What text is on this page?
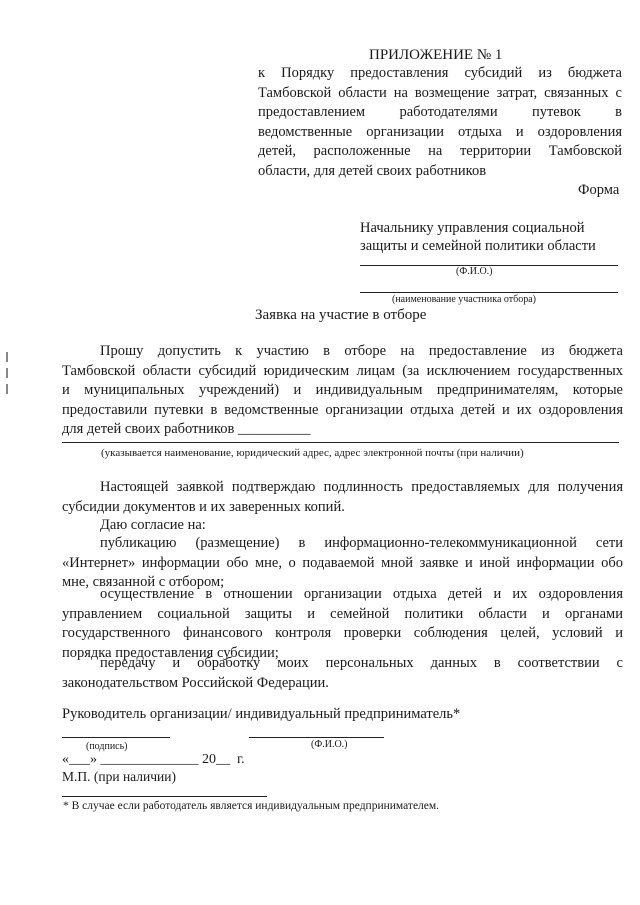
ПРИЛОЖЕНИЕ № 1
к Порядку предоставления субсидий из бюджета
Тамбовской области на возмещение затрат, связанных с
предоставлением работодателями путевок в
ведомственные организации отдыха и оздоровления
детей, расположенные на территории Тамбовской
области, для детей своих работников
Форма
Начальнику управления социальной
защиты и семейной политики области
(Ф.И.О.)
(наименование участника отбора)
Заявка на участие в отборе
Прошу допустить к участию в отборе на предоставление из бюджета
Тамбовской области субсидий юридическим лицам (за исключением государственных
и муниципальных учреждений) и индивидуальным предпринимателям, которые
предоставили путевки в ведомственные организации отдыха детей и их оздоровления
для детей своих работников __________
(указывается наименование, юридический адрес, адрес электронной почты (при наличии)
Настоящей заявкой подтверждаю подлинность предоставляемых для получения
субсидии документов и их заверенных копий.
Даю согласие на:
публикацию (размещение) в информационно-телекоммуникационной сети
«Интернет» информации обо мне, о подаваемой мной заявке и иной информации обо
мне, связанной с отбором;
осуществление в отношении организации отдыха детей и их оздоровления
управлением социальной защиты и семейной политики области и органами
государственного финансового контроля проверки соблюдения целей, условий и
порядка предоставления субсидии;
передачу и обработку моих персональных данных в соответствии с
законодательством Российской Федерации.
Руководитель организации/ индивидуальный предприниматель*
(подпись)	(Ф.И.О.)
«___» ______________ 20__  г.
М.П. (при наличии)
* В случае если работодатель является индивидуальным предпринимателем.
